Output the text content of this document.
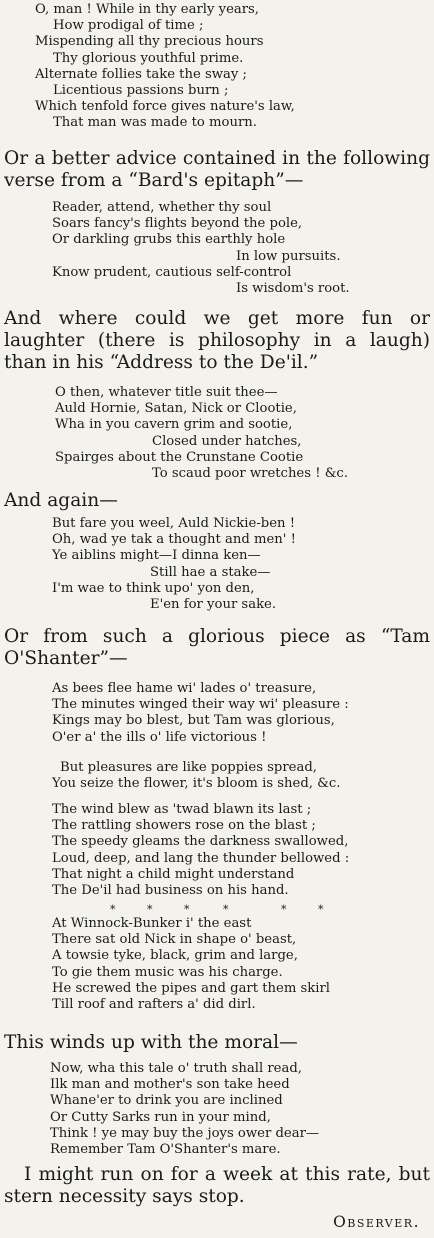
O, man ! While in thy early years,

How prodigal of time ;

Mispending all thy precious hours

Thy glorious youthful prime.

Alternate follies take the sway ;

Licentious passions burn ;

Which tenfold force gives nature's law,

That man was made to mourn.

Or a better advice contained in the following verse from a “Bard's epitaph”—

Reader, attend, whether thy soul

Soars fancy's flights beyond the pole,

Or darkling grubs this earthly hole

In low pursuits.

Know prudent, cautious self-control

Is wisdom's root.

And where could we get more fun or laughter (there is philosophy in a laugh) than in his “Address to the De'il.”

O then, whatever title suit thee—

Auld Hornie, Satan, Nick or Clootie,

Wha in you cavern grim and sootie,

Closed under hatches,

Spairges about the Crunstane Cootie

To scaud poor wretches ! &c.

And again—

But fare you weel, Auld Nickie-ben !

Oh, wad ye tak a thought and men' !

Ye aiblins might—I dinna ken—

Still hae a stake—

I'm wae to think upo' yon den,

E'en for your sake.

Or from such a glorious piece as “Tam O'Shanter”—

As bees flee hame wi' lades o' treasure,

The minutes winged their way wi' pleasure :

Kings may bo blest, but Tam was glorious,

O'er a' the ills o' life victorious !

But pleasures are like poppies spread,

You seize the flower, it's bloom is shed, &c.

The wind blew as 'twad blawn its last ;

The rattling showers rose on the blast ;

The speedy gleams the darkness swallowed,

Loud, deep, and lang the thunder bellowed :

That night a child might understand

The De'il had business on his hand.

*	*	*	*	*	*

At Winnock-Bunker i' the east

There sat old Nick in shape o' beast,

A towsie tyke, black, grim and large,

To gie them music was his charge.

He screwed the pipes and gart them skirl

Till roof and rafters a' did dirl.

This winds up with the moral—

Now, wha this tale o' truth shall read,

Ilk man and mother's son take heed

Whane'er to drink you are inclined

Or Cutty Sarks run in your mind,

Think ! ye may buy the joys ower dear—

Remember Tam O'Shanter's mare.

I might run on for a week at this rate, but stern necessity says stop.

Observer.
